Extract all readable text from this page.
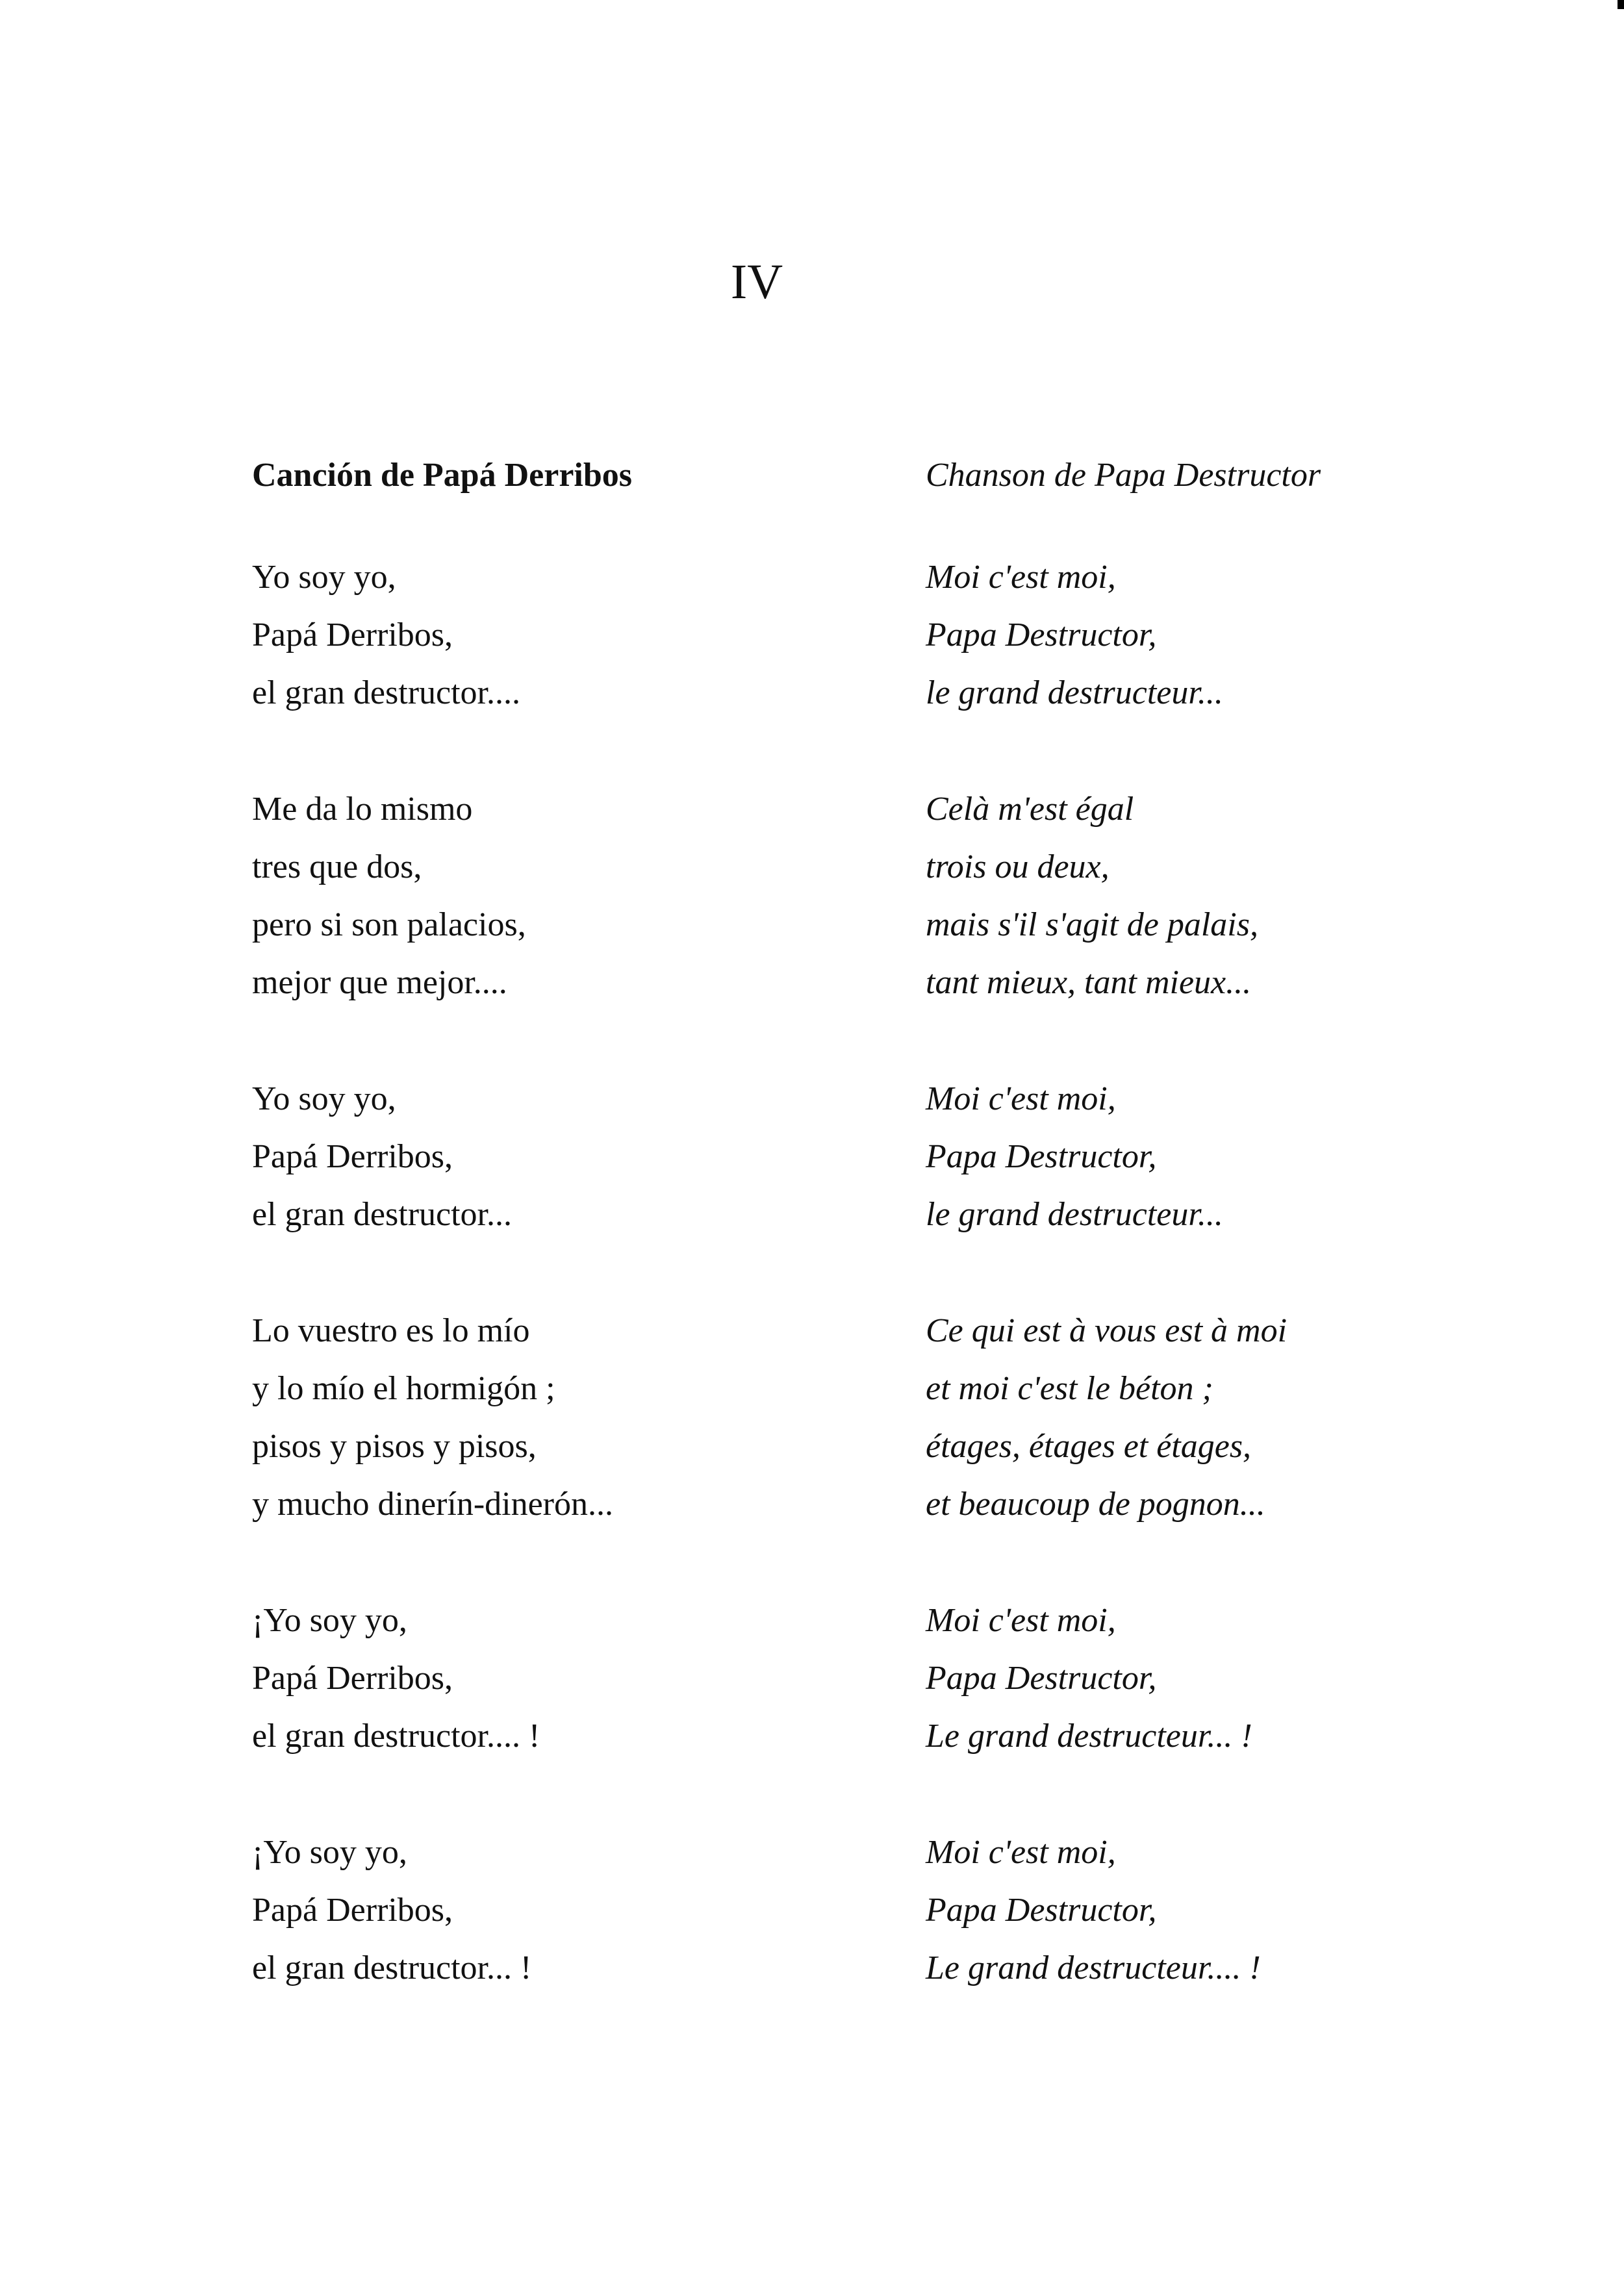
IV
Canción de Papá Derribos
Yo soy yo,
Papá Derribos,
el gran destructor....
Me da lo mismo
tres que dos,
pero si son palacios,
mejor que mejor....
Yo soy yo,
Papá Derribos,
el gran destructor...
Lo vuestro es lo mío
y lo mío el hormigón ;
pisos y pisos y pisos,
y mucho dinerín-dinerón...
¡Yo soy yo,
Papá Derribos,
el gran destructor.... !
¡Yo soy yo,
Papá Derribos,
el gran destructor... !
Chanson de Papa Destructor
Moi c'est moi,
Papa Destructor,
le grand destructeur...
Celà m'est égal
trois ou deux,
mais s'il s'agit de palais,
tant mieux, tant mieux...
Moi c'est moi,
Papa Destructor,
le grand destructeur...
Ce qui est à vous est à moi
et moi c'est le béton ;
étages, étages et étages,
et beaucoup de pognon...
Moi c'est moi,
Papa Destructor,
Le grand destructeur... !
Moi c'est moi,
Papa Destructor,
Le grand destructeur.... !
